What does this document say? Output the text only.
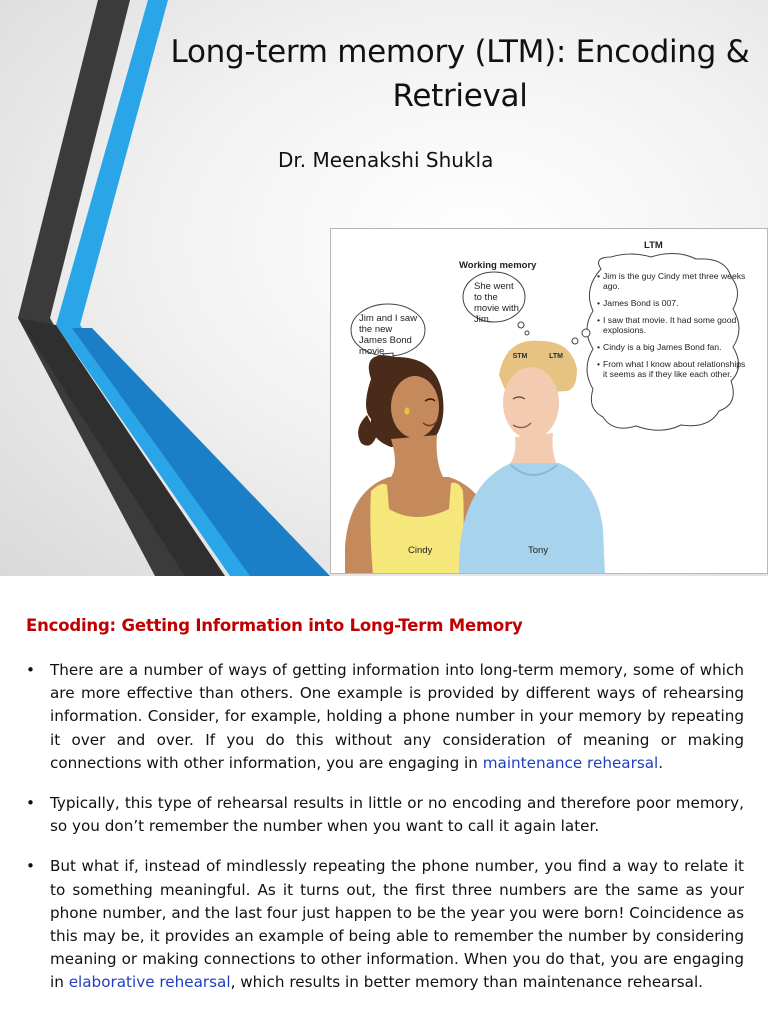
Long-term memory (LTM): Encoding & Retrieval

Dr. Meenakshi Shukla

Working memory
LTM
Jim and I saw the new James Bond movie.
She went to the movie with Jim.
STM	LTM
• Jim is the guy Cindy met three weeks ago.
• James Bond is 007.
• I saw that movie. It had some good explosions.
• Cindy is a big James Bond fan.
• From what I know about relationships it seems as if they like each other.
Cindy	Tony
Encoding: Getting Information into Long-Term Memory
• There are a number of ways of getting information into long-term memory, some of which are more effective than others. One example is provided by different ways of rehearsing information. Consider, for example, holding a phone number in your memory by repeating it over and over. If you do this without any consideration of meaning or making connections with other information, you are engaging in maintenance rehearsal.
• Typically, this type of rehearsal results in little or no encoding and therefore poor memory, so you don’t remember the number when you want to call it again later.
• But what if, instead of mindlessly repeating the phone number, you find a way to relate it to something meaningful. As it turns out, the first three numbers are the same as your phone number, and the last four just happen to be the year you were born! Coincidence as this may be, it provides an example of being able to remember the number by considering meaning or making connections to other information. When you do that, you are engaging in elaborative rehearsal, which results in better memory than maintenance rehearsal.
